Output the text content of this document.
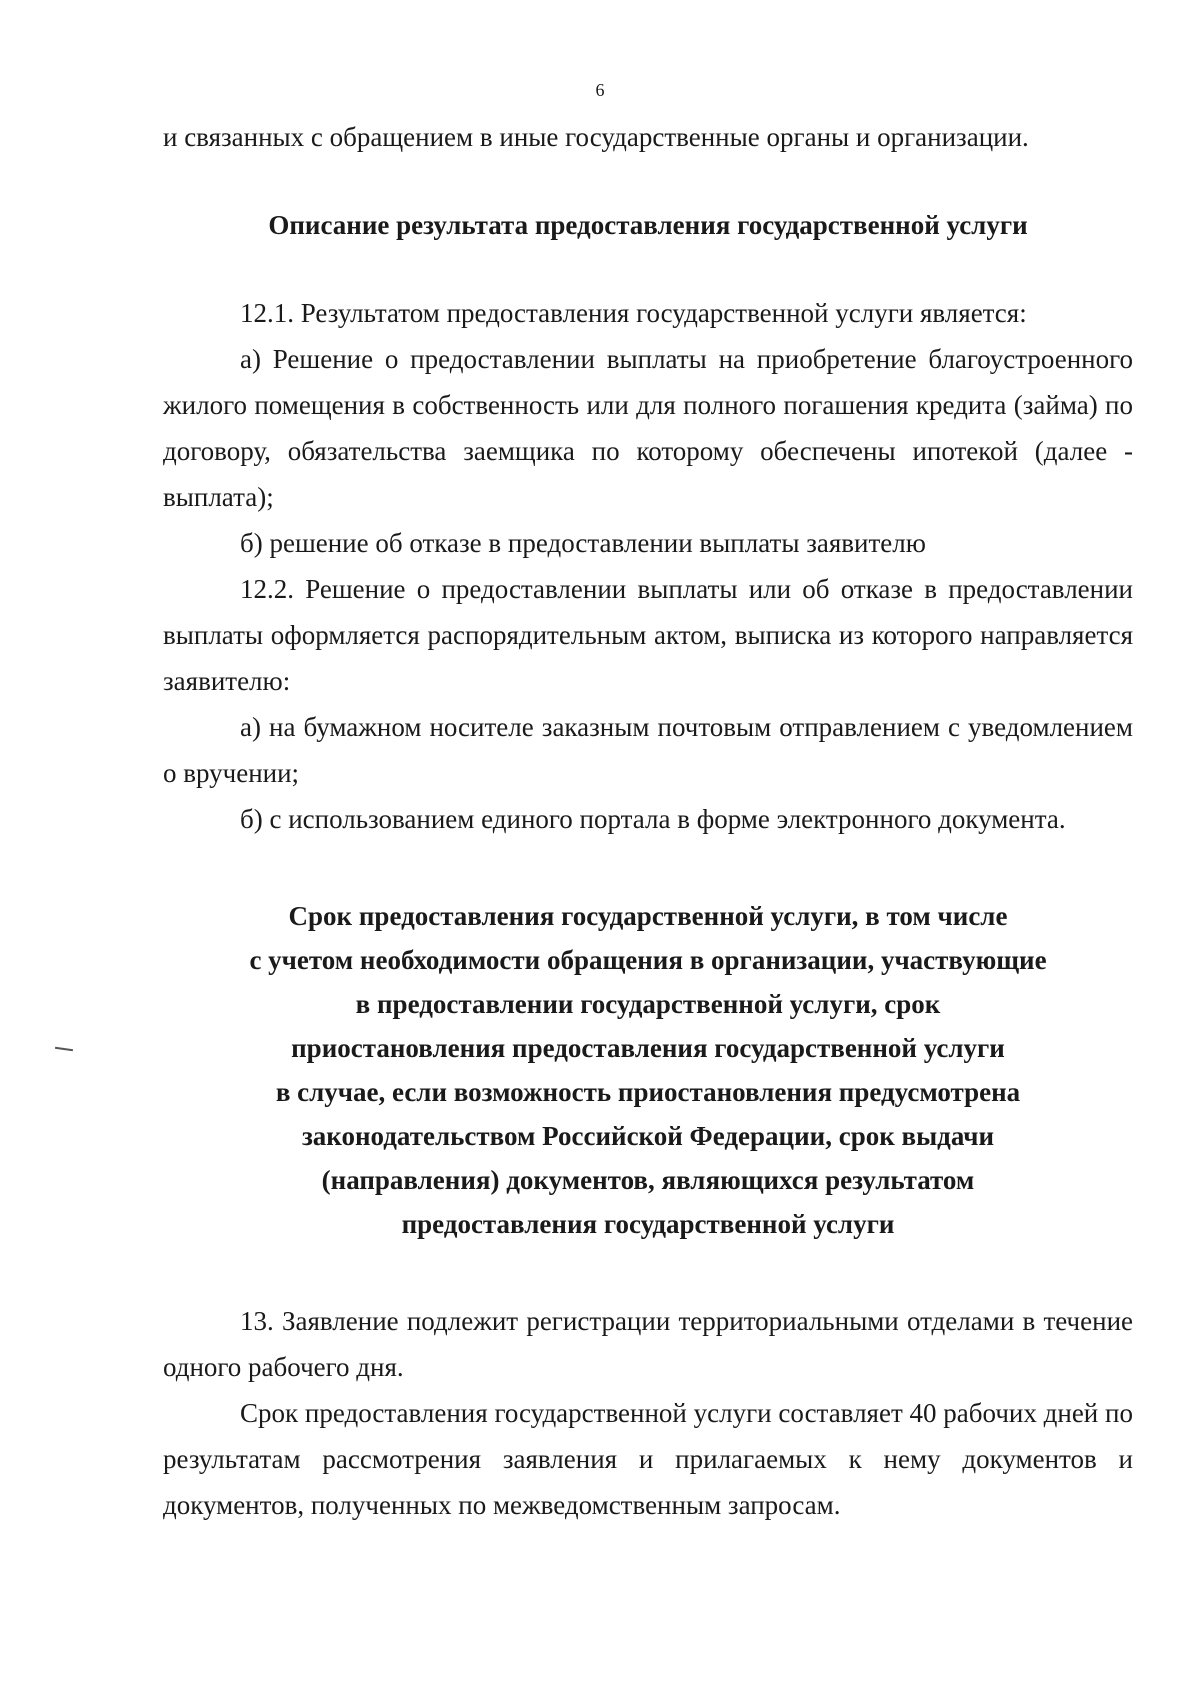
6

и связанных с обращением в иные государственные органы и организации.

Описание результата предоставления государственной услуги

12.1. Результатом предоставления государственной услуги является:

а) Решение о предоставлении выплаты на приобретение благоустроенного жилого помещения в собственность или для полного погашения кредита (займа) по договору, обязательства заемщика по которому обеспечены ипотекой (далее - выплата);

б) решение об отказе в предоставлении выплаты заявителю

12.2. Решение о предоставлении выплаты или об отказе в предоставлении выплаты оформляется распорядительным актом, выписка из которого направляется заявителю:

а) на бумажном носителе заказным почтовым отправлением с уведомлением о вручении;

б) с использованием единого портала в форме электронного документа.

Срок предоставления государственной услуги, в том числе
с учетом необходимости обращения в организации, участвующие
в предоставлении государственной услуги, срок
приостановления предоставления государственной услуги
в случае, если возможность приостановления предусмотрена
законодательством Российской Федерации, срок выдачи
(направления) документов, являющихся результатом
предоставления государственной услуги

13. Заявление подлежит регистрации территориальными отделами в течение одного рабочего дня.

Срок предоставления государственной услуги составляет 40 рабочих дней по результатам рассмотрения заявления и прилагаемых к нему документов и документов, полученных по межведомственным запросам.
